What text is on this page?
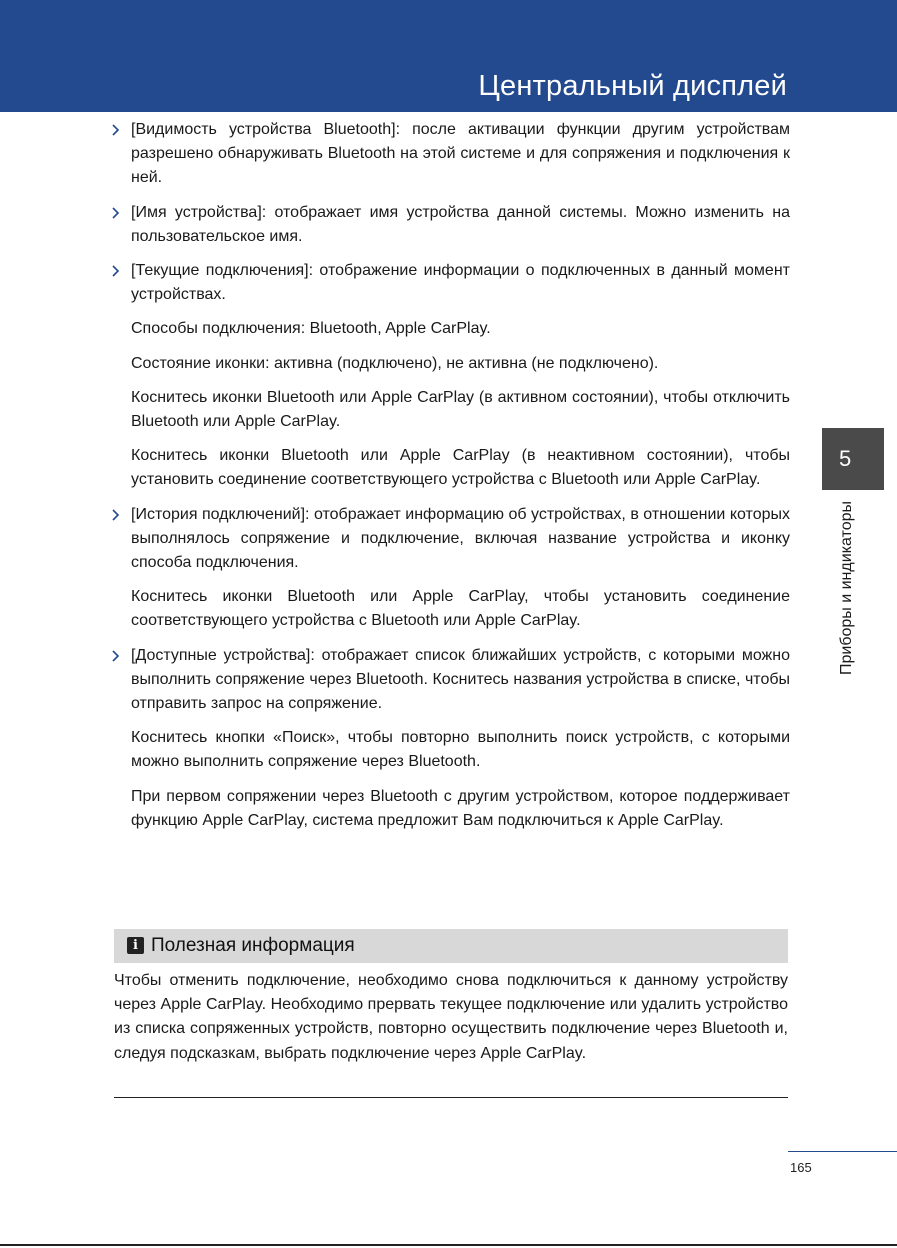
Центральный дисплей
[Видимость устройства Bluetooth]: после активации функции другим устройствам разрешено обнаруживать Bluetooth на этой системе и для сопряжения и подключения к ней.
[Имя устройства]: отображает имя устройства данной системы. Можно изменить на пользовательское имя.
[Текущие подключения]: отображение информации о подключенных в данный момент устройствах.
Способы подключения: Bluetooth, Apple CarPlay.
Состояние иконки: активна (подключено), не активна (не подключено).
Коснитесь иконки Bluetooth или Apple CarPlay (в активном состоянии), чтобы отключить Bluetooth или Apple CarPlay.
Коснитесь иконки Bluetooth или Apple CarPlay (в неактивном состоянии), чтобы установить соединение соответствующего устройства с Bluetooth или Apple CarPlay.
[История подключений]: отображает информацию об устройствах, в отношении которых выполнялось сопряжение и подключение, включая название устройства и иконку способа подключения.
Коснитесь иконки Bluetooth или Apple CarPlay, чтобы установить соединение соответствующего устройства с Bluetooth или Apple CarPlay.
[Доступные устройства]: отображает список ближайших устройств, с которыми можно выполнить сопряжение через Bluetooth. Коснитесь названия устройства в списке, чтобы отправить запрос на сопряжение.
Коснитесь кнопки «Поиск», чтобы повторно выполнить поиск устройств, с которыми можно выполнить сопряжение через Bluetooth.
При первом сопряжении через Bluetooth с другим устройством, которое поддерживает функцию Apple CarPlay, система предложит Вам подключиться к Apple CarPlay.
i Полезная информация
Чтобы отменить подключение, необходимо снова подключиться к данному устройству через Apple CarPlay. Необходимо прервать текущее подключение или удалить устройство из списка сопряженных устройств, повторно осуществить подключение через Bluetooth и, следуя подсказкам, выбрать подключение через Apple CarPlay.
5
Приборы и индикаторы
165
